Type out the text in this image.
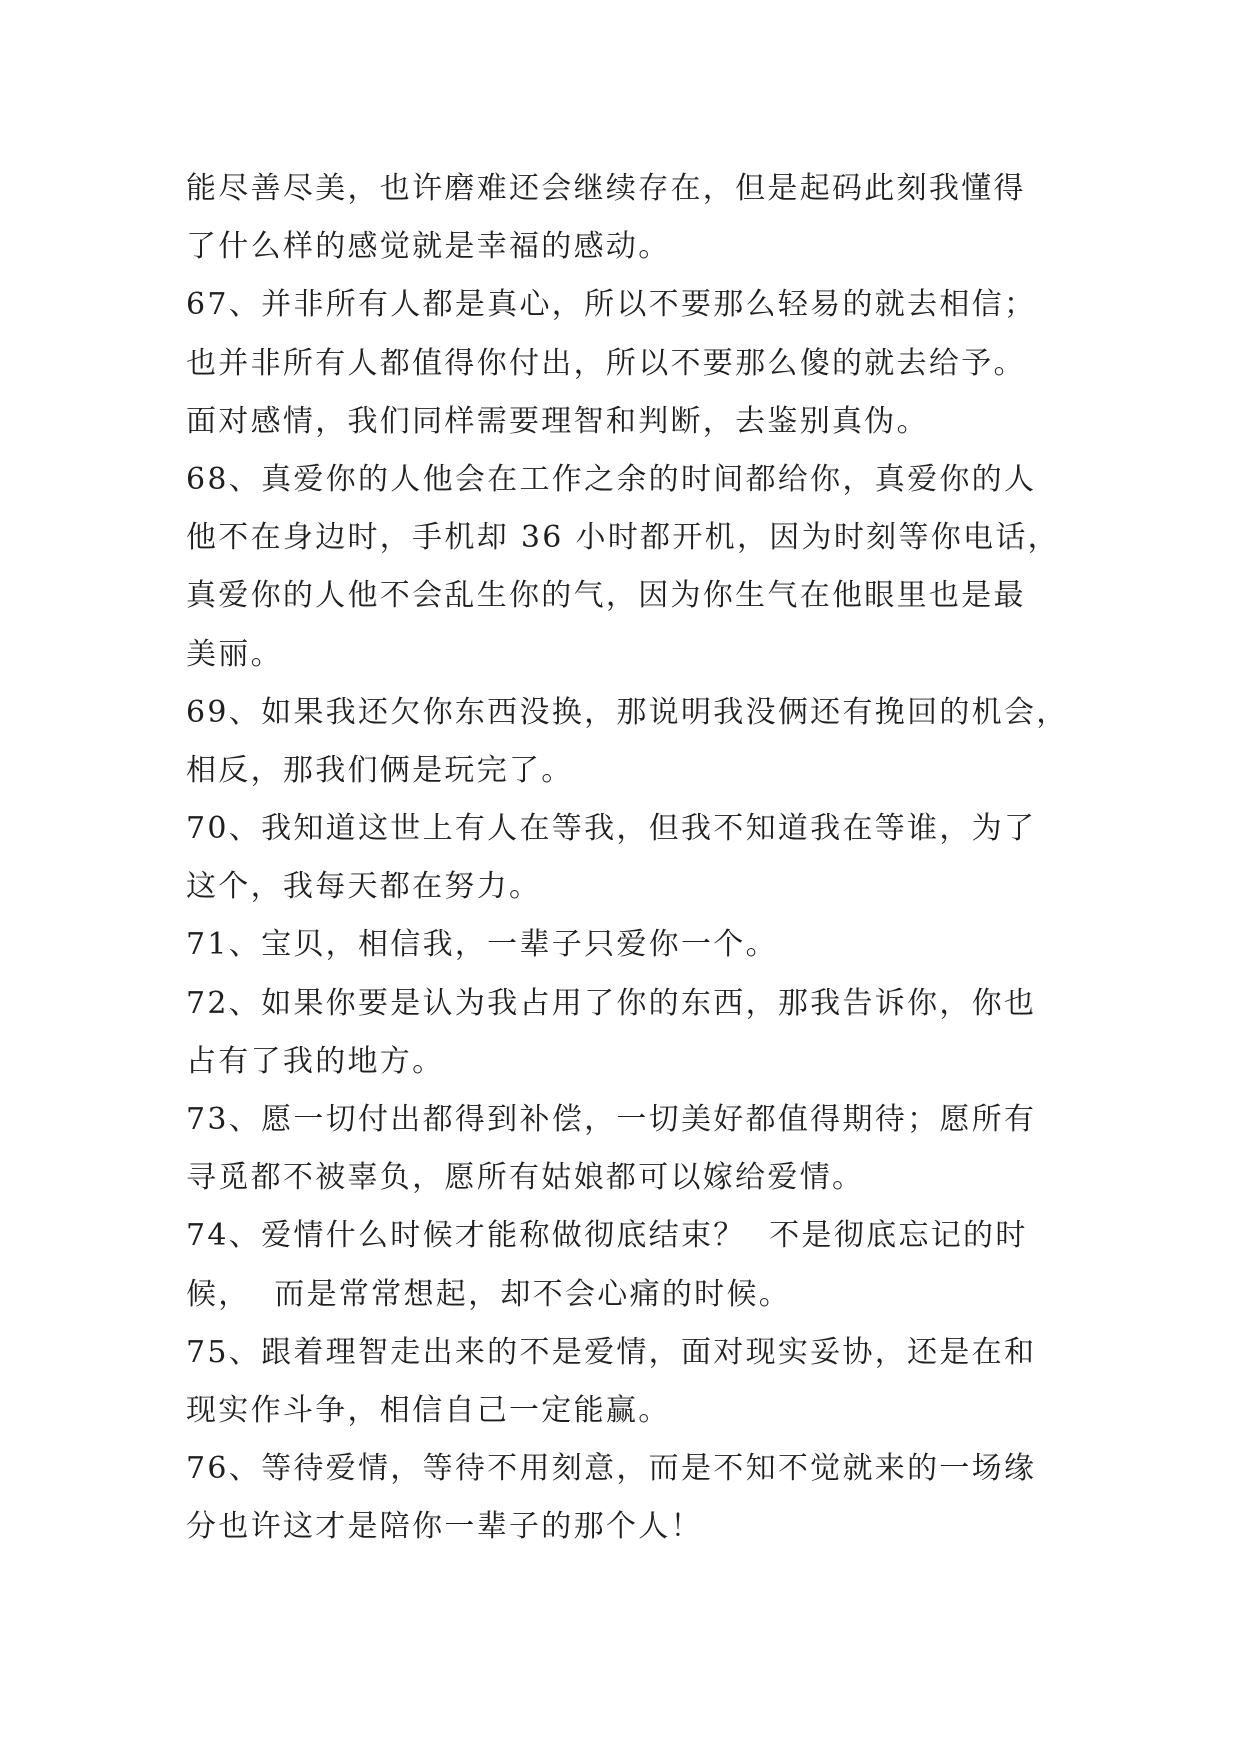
能尽善尽美，也许磨难还会继续存在，但是起码此刻我懂得
了什么样的感觉就是幸福的感动。
67、并非所有人都是真心，所以不要那么轻易的就去相信；
也并非所有人都值得你付出，所以不要那么傻的就去给予。
面对感情，我们同样需要理智和判断，去鉴别真伪。
68、真爱你的人他会在工作之余的时间都给你，真爱你的人
他不在身边时，手机却 36 小时都开机，因为时刻等你电话，
真爱你的人他不会乱生你的气，因为你生气在他眼里也是最
美丽。
69、如果我还欠你东西没换，那说明我没俩还有挽回的机会，
相反，那我们俩是玩完了。
70、我知道这世上有人在等我，但我不知道我在等谁，为了
这个，我每天都在努力。
71、宝贝，相信我，一辈子只爱你一个。
72、如果你要是认为我占用了你的东西，那我告诉你，你也
占有了我的地方。
73、愿一切付出都得到补偿，一切美好都值得期待；愿所有
寻觅都不被辜负，愿所有姑娘都可以嫁给爱情。
74、爱情什么时候才能称做彻底结束？  不是彻底忘记的时
候，  而是常常想起，却不会心痛的时候。
75、跟着理智走出来的不是爱情，面对现实妥协，还是在和
现实作斗争，相信自己一定能赢。
76、等待爱情，等待不用刻意，而是不知不觉就来的一场缘
分也许这才是陪你一辈子的那个人！
